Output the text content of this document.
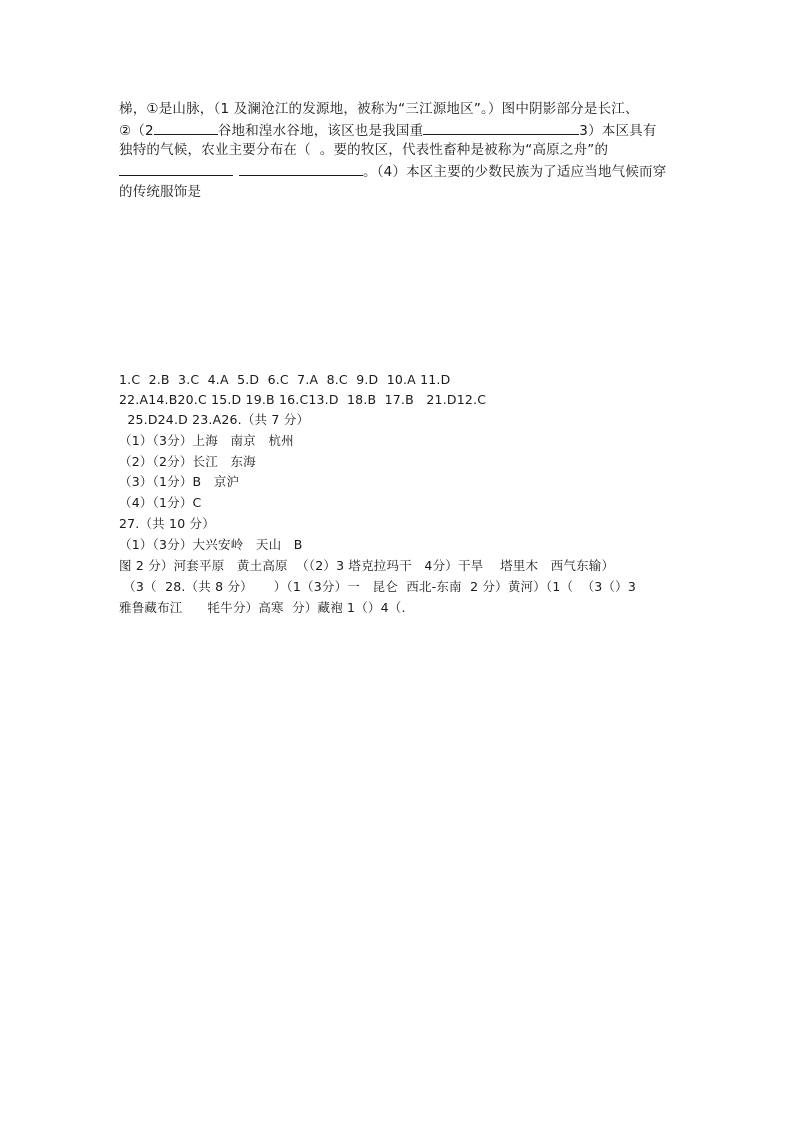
梯，①是山脉，（1 及澜沧江的发源地，被称为“三江源地区”。）图中阴影部分是长江、
②（2	谷地和湟水谷地，该区也是我国重	3）本区具有
独特的气候，农业主要分布在（  。要的牧区，代表性畜种是被称为“高原之舟”的
。（4）本区主要的少数民族为了适应当地气候而穿
的传统服饰是
1.C  2.B  3.C  4.A  5.D  6.C  7.A  8.C  9.D  10.A 11.D
22.A14.B20.C 15.D 19.B 16.C13.D  18.B  17.B   21.D12.C
25.D24.D 23.A26.（共 7 分）
（1）（3分）上海   南京   杭州
（2）（2分）长江   东海
（3）（1分）B   京沪
（4）（1分）C
27.（共 10 分）
（1）（3分）大兴安岭   天山   B
图 2 分）河套平原   黄土高原  （（2）3 塔克拉玛干   4分）干旱    塔里木   西气东输）
（3（  28.（共 8 分）     ）（1（3分）一   昆仑  西北-东南  2 分）黄河）（1（  （3（）3
雅鲁藏布江      牦牛分）高寒  分）藏袍 1（）4（.
